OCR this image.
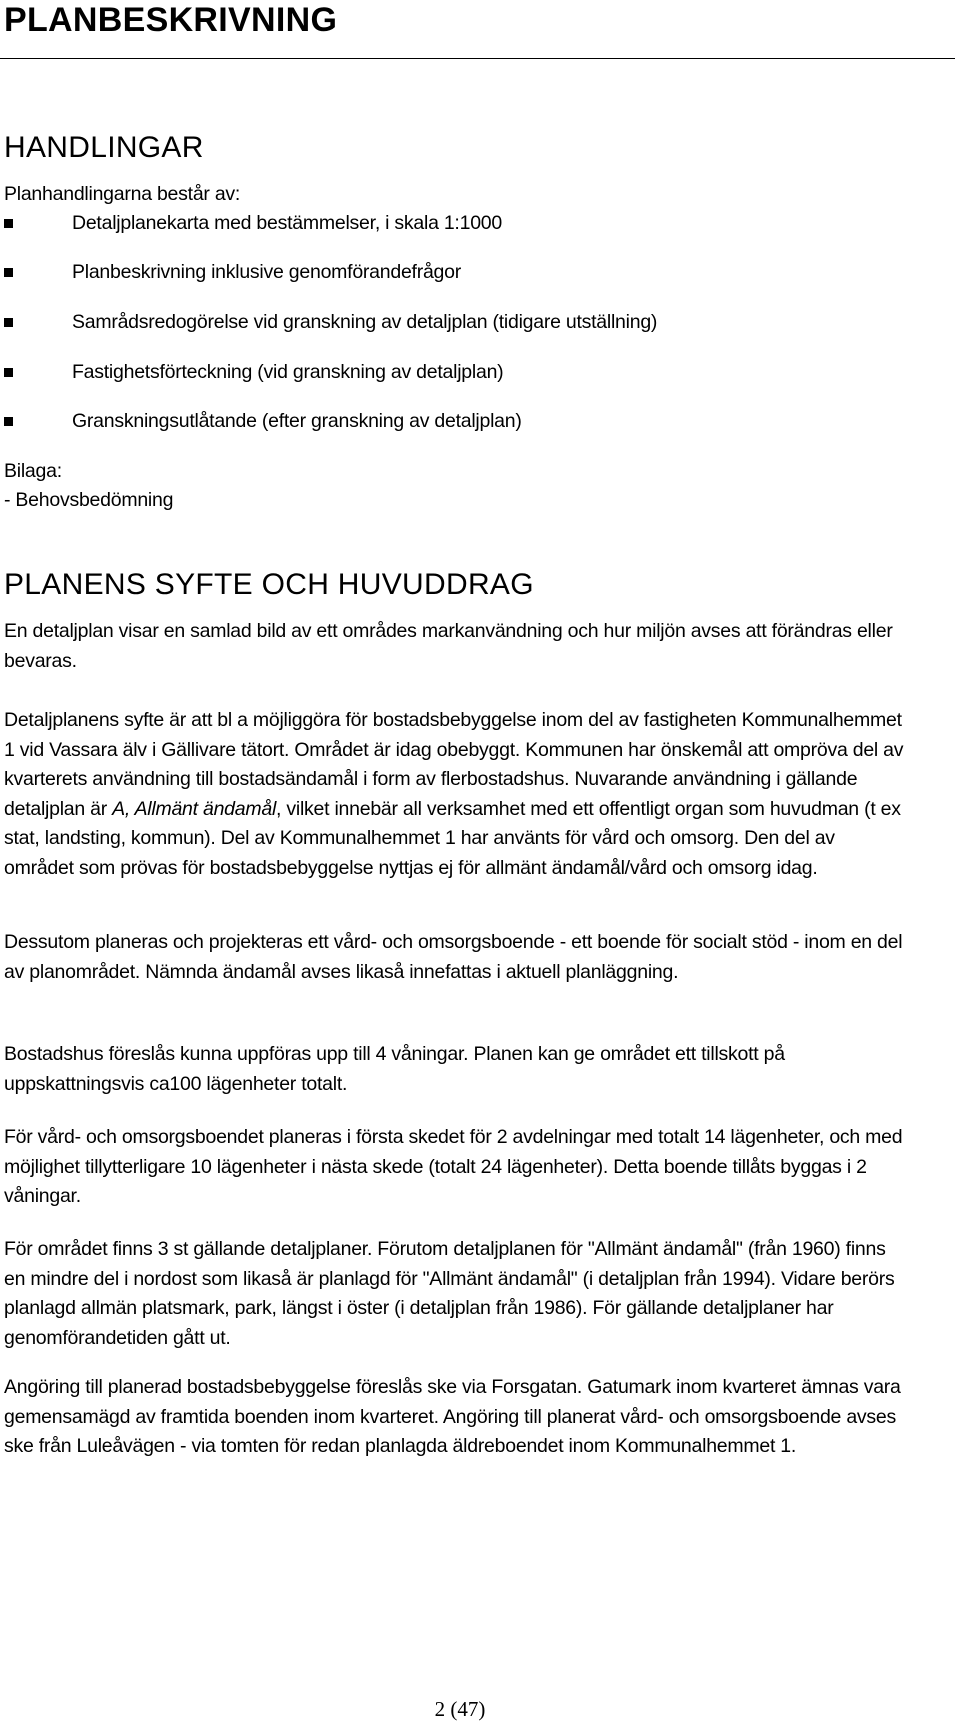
PLANBESKRIVNING
HANDLINGAR
Planhandlingarna består av:
Detaljplanekarta med bestämmelser, i skala 1:1000
Planbeskrivning inklusive genomförandefrågor
Samrådsredogörelse vid granskning av detaljplan (tidigare utställning)
Fastighetsförteckning (vid granskning av detaljplan)
Granskningsutlåtande (efter granskning av detaljplan)
Bilaga:
- Behovsbedömning
PLANENS SYFTE OCH HUVUDDRAG
En detaljplan visar en samlad bild av ett områdes markanvändning och hur miljön avses att förändras eller bevaras.
Detaljplanens syfte är att bl a möjliggöra för bostadsbebyggelse inom del av fastigheten Kommunalhemmet 1 vid Vassara älv i Gällivare tätort. Området är idag obebyggt. Kommunen har önskemål att ompröva del av kvarterets användning till bostadsändamål i form av flerbostadshus. Nuvarande användning i gällande detaljplan är A, Allmänt ändamål, vilket innebär all verksamhet med ett offentligt organ som huvudman (t ex stat, landsting, kommun). Del av Kommunalhemmet 1 har använts för vård och omsorg. Den del av området som prövas för bostadsbebyggelse nyttjas ej för allmänt ändamål/vård och omsorg idag.
Dessutom planeras och projekteras ett vård- och omsorgsboende - ett boende för socialt stöd - inom en del av planområdet. Nämnda ändamål avses likaså innefattas i aktuell planläggning.
Bostadshus föreslås kunna uppföras upp till 4 våningar. Planen kan ge området ett tillskott på uppskattningsvis ca100 lägenheter totalt.
För vård- och omsorgsboendet planeras i första skedet för 2 avdelningar med totalt 14 lägenheter, och med möjlighet tillytterligare 10 lägenheter i nästa skede (totalt 24 lägenheter). Detta boende tillåts byggas i 2 våningar.
För området finns 3 st gällande detaljplaner. Förutom detaljplanen för "Allmänt ändamål" (från 1960) finns en mindre del i nordost som likaså är planlagd för "Allmänt ändamål" (i detaljplan från 1994). Vidare berörs planlagd allmän platsmark, park, längst i öster (i detaljplan från 1986). För gällande detaljplaner har genomförandetiden gått ut.
Angöring till planerad bostadsbebyggelse föreslås ske via Forsgatan. Gatumark inom kvarteret ämnas vara gemensamägd av framtida boenden inom kvarteret. Angöring till planerat vård- och omsorgsboende avses ske från Luleåvägen - via tomten för redan planlagda äldreboendet inom Kommunalhemmet 1.
2 (47)
